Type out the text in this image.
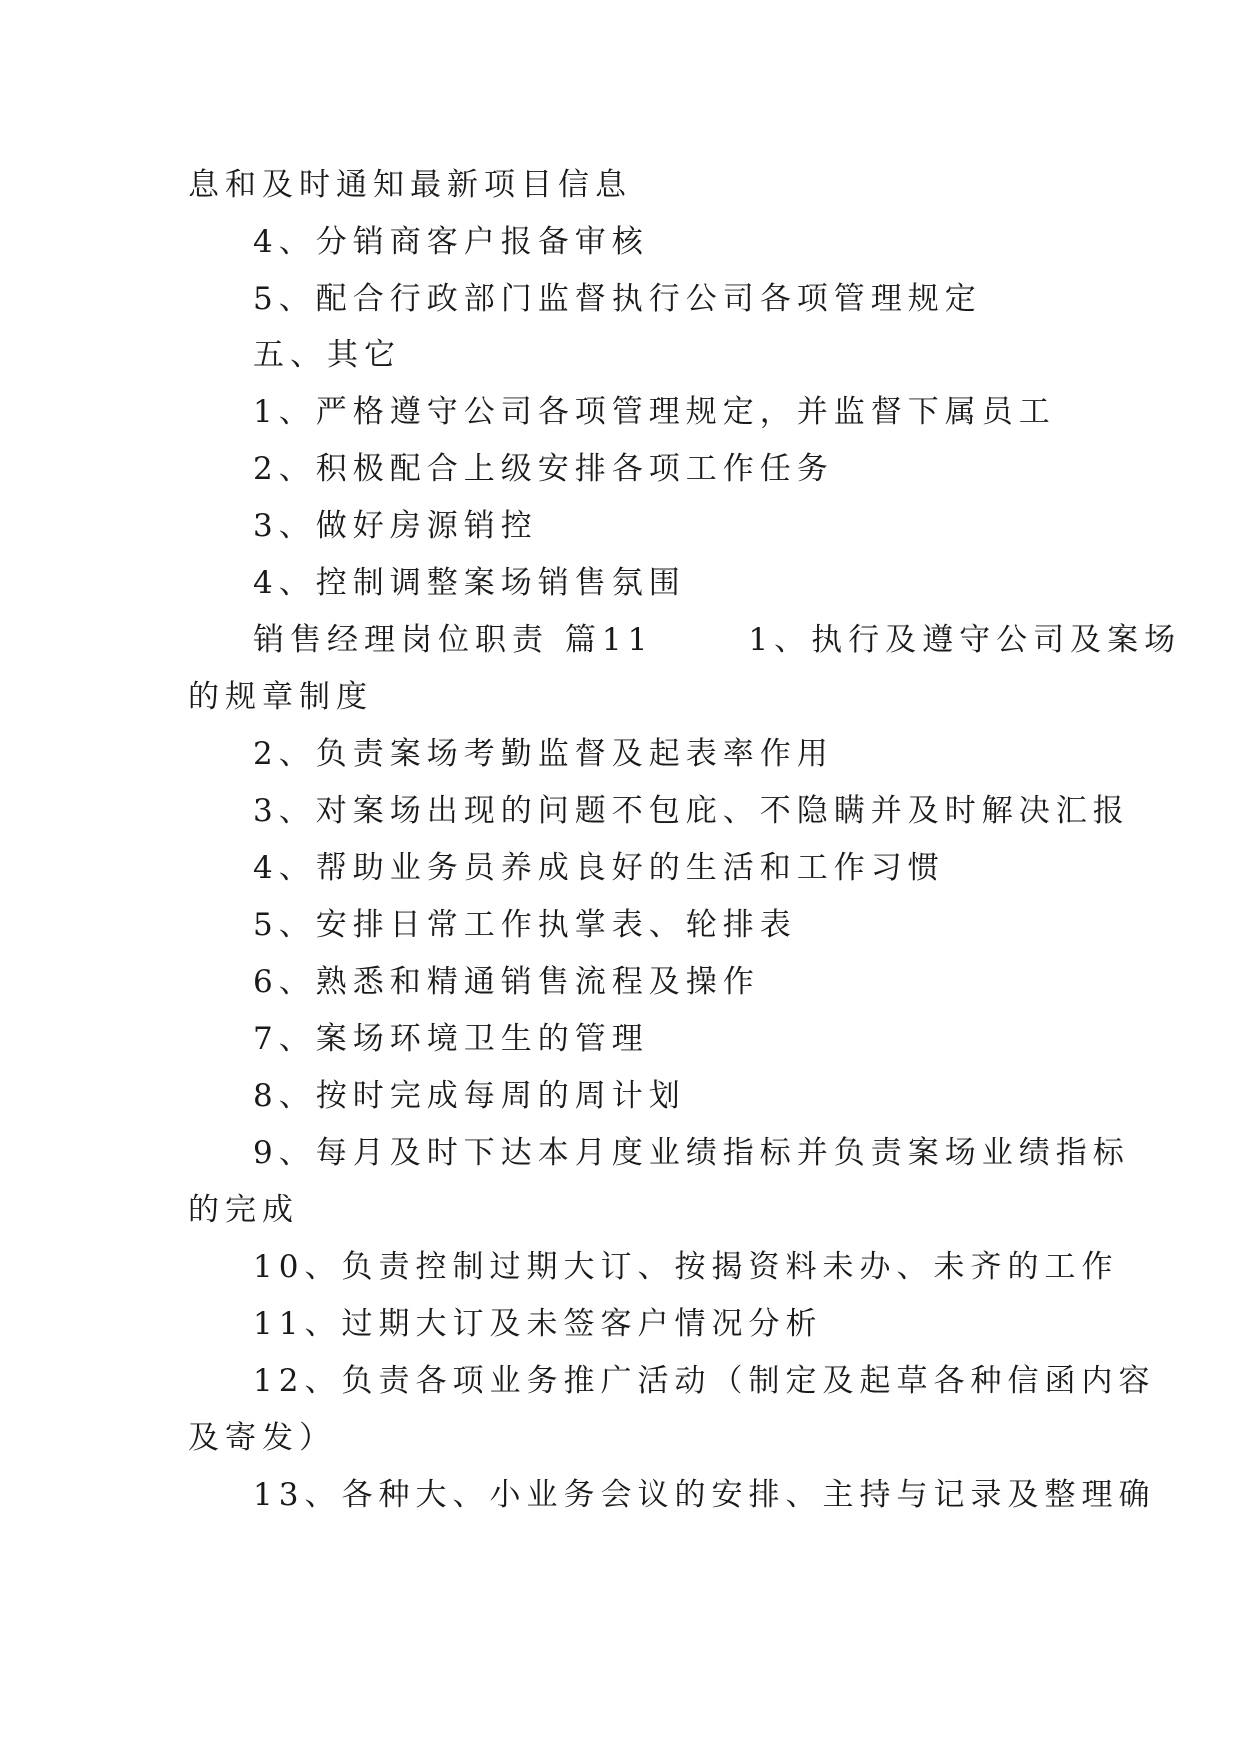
息和及时通知最新项目信息
4、分销商客户报备审核
5、配合行政部门监督执行公司各项管理规定
五、其它
1、严格遵守公司各项管理规定，并监督下属员工
2、积极配合上级安排各项工作任务
3、做好房源销控
4、控制调整案场销售氛围
销售经理岗位职责 篇11      1、执行及遵守公司及案场
的规章制度
2、负责案场考勤监督及起表率作用
3、对案场出现的问题不包庇、不隐瞒并及时解决汇报
4、帮助业务员养成良好的生活和工作习惯
5、安排日常工作执掌表、轮排表
6、熟悉和精通销售流程及操作
7、案场环境卫生的管理
8、按时完成每周的周计划
9、每月及时下达本月度业绩指标并负责案场业绩指标
的完成
10、负责控制过期大订、按揭资料未办、未齐的工作
11、过期大订及未签客户情况分析
12、负责各项业务推广活动（制定及起草各种信函内容
及寄发）
13、各种大、小业务会议的安排、主持与记录及整理确
